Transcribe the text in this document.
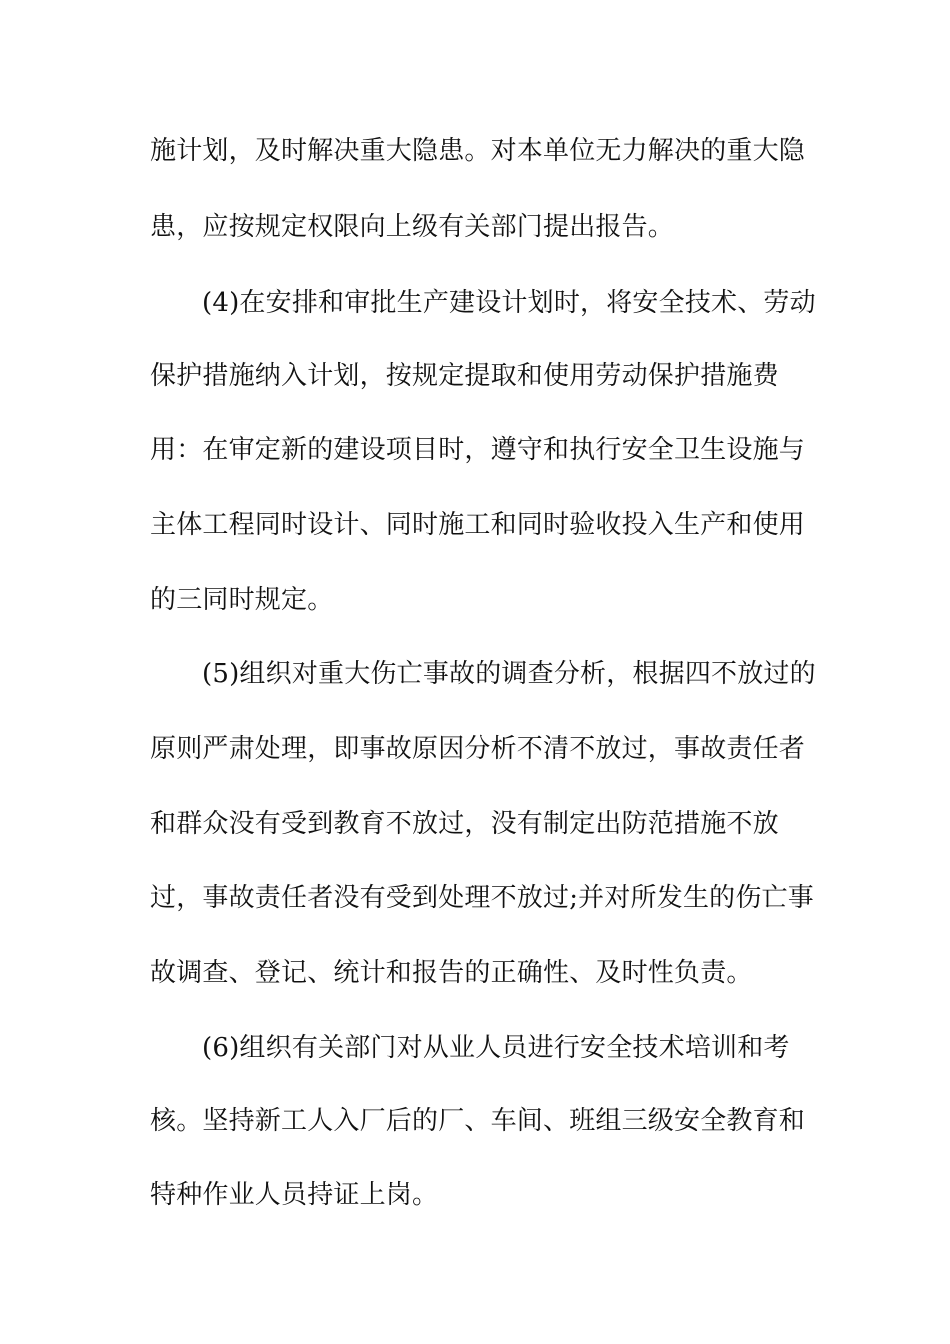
施计划，及时解决重大隐患。对本单位无力解决的重大隐
患，应按规定权限向上级有关部门提出报告。
(4)在安排和审批生产建设计划时，将安全技术、劳动
保护措施纳入计划，按规定提取和使用劳动保护措施费
用：在审定新的建设项目时，遵守和执行安全卫生设施与
主体工程同时设计、同时施工和同时验收投入生产和使用
的三同时规定。
(5)组织对重大伤亡事故的调查分析，根据四不放过的
原则严肃处理，即事故原因分析不清不放过，事故责任者
和群众没有受到教育不放过，没有制定出防范措施不放
过，事故责任者没有受到处理不放过;并对所发生的伤亡事
故调查、登记、统计和报告的正确性、及时性负责。
(6)组织有关部门对从业人员进行安全技术培训和考
核。坚持新工人入厂后的厂、车间、班组三级安全教育和
特种作业人员持证上岗。
